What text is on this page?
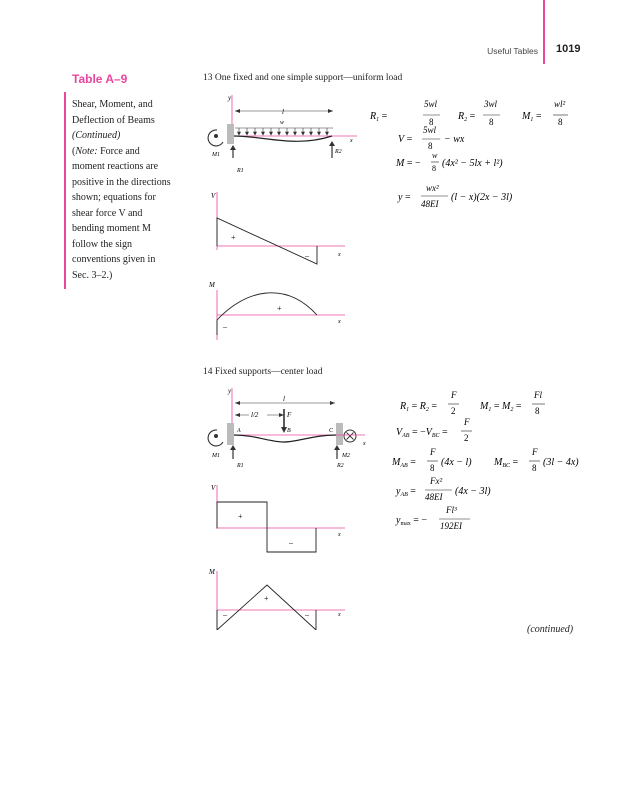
Useful Tables 1019
Table A–9

Shear, Moment, and

Deflection of Beams

(Continued)

(Note: Force and

moment reactions are

positive in the directions

shown; equations for

shear force V and

bending moment M

follow the sign

conventions given in

Sec. 3–2.)

13 One fixed and one simple support—uniform load
y
l
w
M1
x
R1
R2
V
x
+
–
M
x
+
–
$R_1$ =
5wl
8 $R_2$ =
3wl
8	$M_1$ =
wl²
8
V =
5wl
8
− wx
M = −
w
8 (4x² − 5lx + l²)
y =
wx²
48EI
(l − x)(2x − 3l)
14 Fixed supports—center load
y
l
l/2	F
M1	M2
A	B	C
x
R1	R2
V
x
+
–
M
x
+
–	–
$R_1 = R_2$ =
F
2 $M_1 = M_2$ =
Fl
8
$V_{AB} = -V_{BC}$ =
F
2
$M_{AB}$ =
F
8 (4x − l) $M_{BC}$ =
F
8 (3l − 4x)
$y_{AB}$ =
Fx²
48EI (4x − 3l)
$y_{max}$ = −
Fl³
192EI
(continued)
